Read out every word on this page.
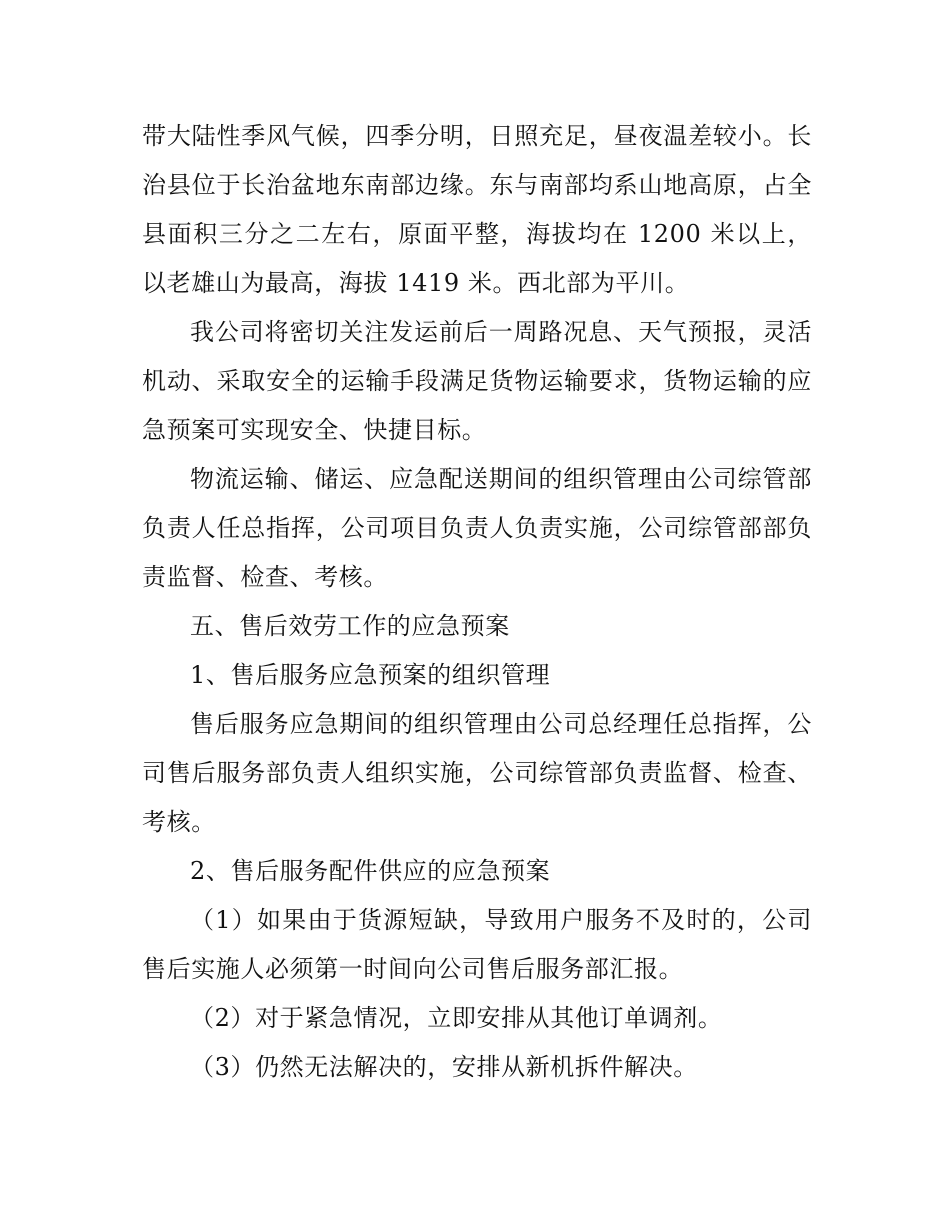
带大陆性季风气候，四季分明，日照充足，昼夜温差较小。长治县位于长治盆地东南部边缘。东与南部均系山地高原，占全县面积三分之二左右，原面平整，海拔均在 1200 米以上，以老雄山为最高，海拔 1419 米。西北部为平川。

我公司将密切关注发运前后一周路况息、天气预报，灵活机动、采取安全的运输手段满足货物运输要求，货物运输的应急预案可实现安全、快捷目标。

物流运输、储运、应急配送期间的组织管理由公司综管部负责人任总指挥，公司项目负责人负责实施，公司综管部部负责监督、检查、考核。

五、售后效劳工作的应急预案

1、售后服务应急预案的组织管理

售后服务应急期间的组织管理由公司总经理任总指挥，公司售后服务部负责人组织实施，公司综管部负责监督、检查、考核。

2、售后服务配件供应的应急预案

（1）如果由于货源短缺，导致用户服务不及时的，公司售后实施人必须第一时间向公司售后服务部汇报。

（2）对于紧急情况，立即安排从其他订单调剂。

（3）仍然无法解决的，安排从新机拆件解决。
